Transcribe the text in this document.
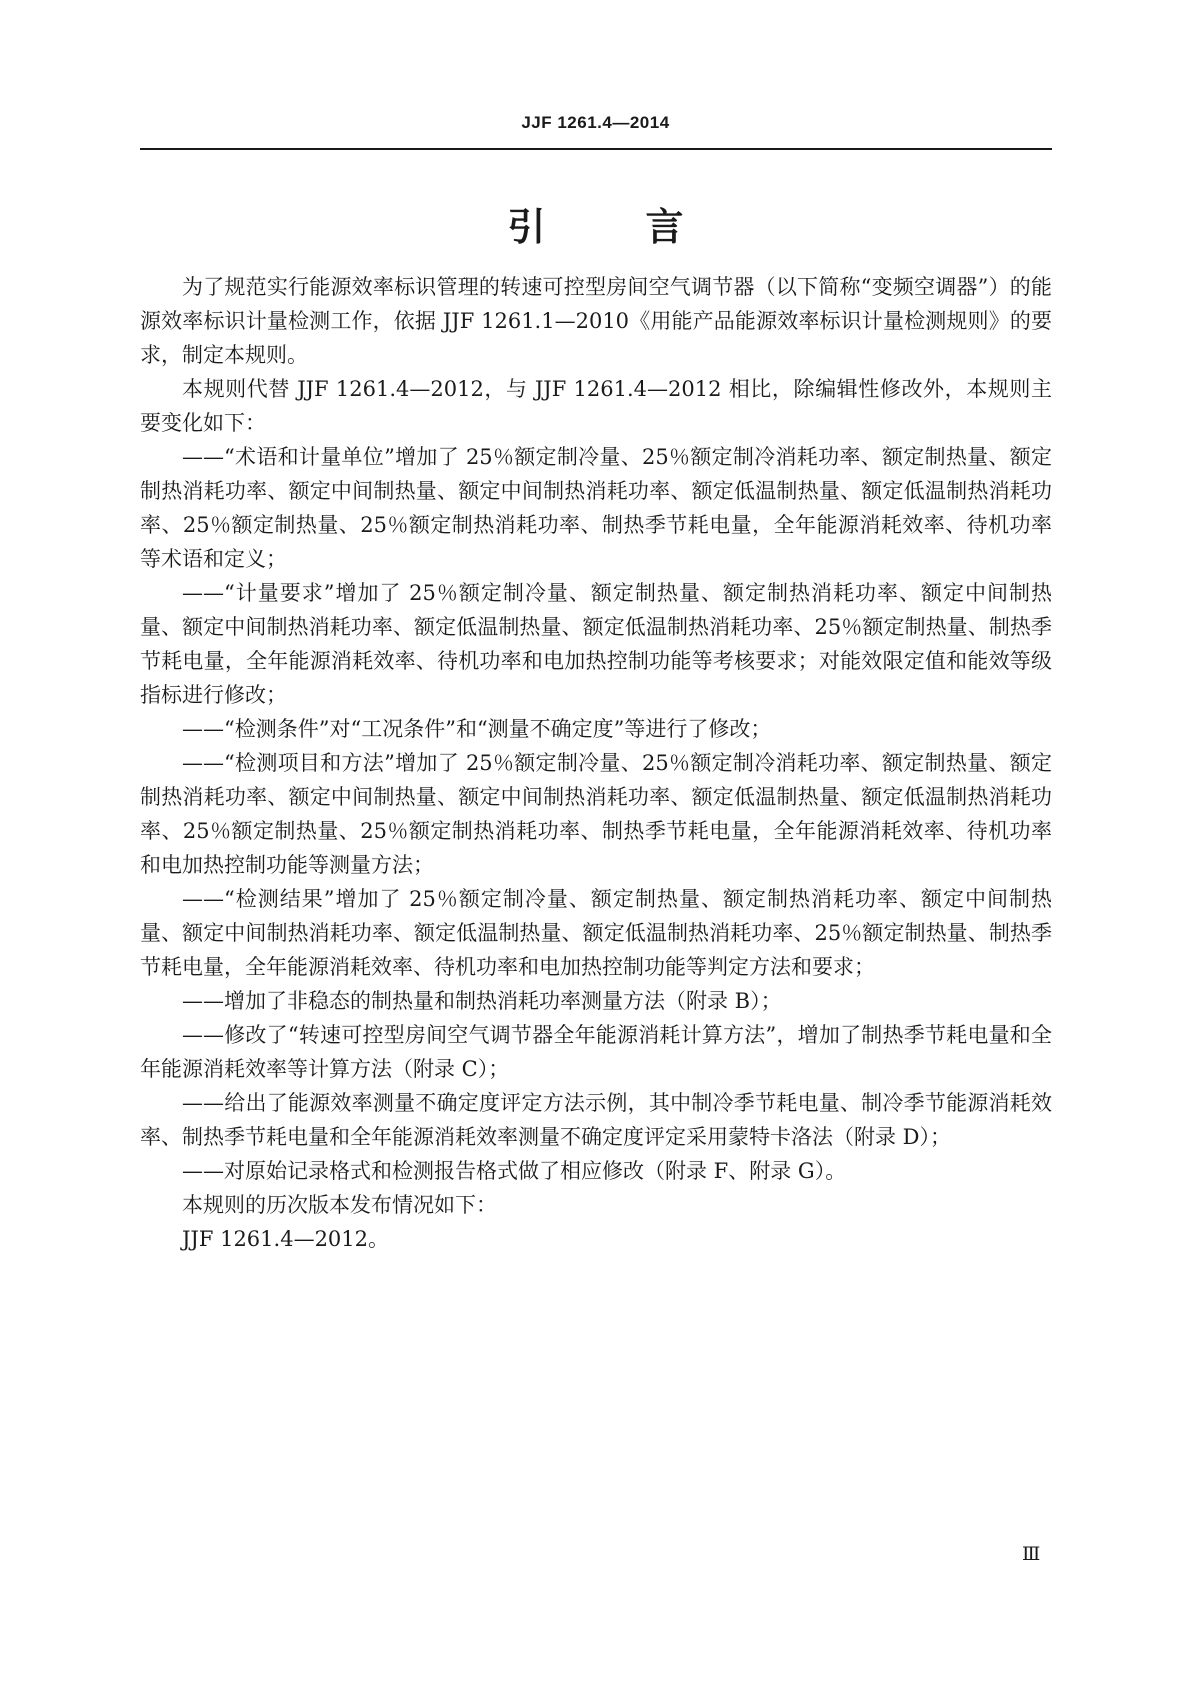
JJF 1261.4—2014
引	言

为了规范实行能源效率标识管理的转速可控型房间空气调节器（以下简称“变频空调器”）的能源效率标识计量检测工作，依据 JJF 1261.1—2010《用能产品能源效率标识计量检测规则》的要求，制定本规则。

本规则代替 JJF 1261.4—2012，与 JJF 1261.4—2012 相比，除编辑性修改外，本规则主要变化如下：

——“术语和计量单位”增加了 25％额定制冷量、25％额定制冷消耗功率、额定制热量、额定制热消耗功率、额定中间制热量、额定中间制热消耗功率、额定低温制热量、额定低温制热消耗功率、25％额定制热量、25％额定制热消耗功率、制热季节耗电量，全年能源消耗效率、待机功率等术语和定义；

——“计量要求”增加了 25％额定制冷量、额定制热量、额定制热消耗功率、额定中间制热量、额定中间制热消耗功率、额定低温制热量、额定低温制热消耗功率、25％额定制热量、制热季节耗电量，全年能源消耗效率、待机功率和电加热控制功能等考核要求；对能效限定值和能效等级指标进行修改；

——“检测条件”对“工况条件”和“测量不确定度”等进行了修改；

——“检测项目和方法”增加了 25％额定制冷量、25％额定制冷消耗功率、额定制热量、额定制热消耗功率、额定中间制热量、额定中间制热消耗功率、额定低温制热量、额定低温制热消耗功率、25％额定制热量、25％额定制热消耗功率、制热季节耗电量，全年能源消耗效率、待机功率和电加热控制功能等测量方法；

——“检测结果”增加了 25％额定制冷量、额定制热量、额定制热消耗功率、额定中间制热量、额定中间制热消耗功率、额定低温制热量、额定低温制热消耗功率、25％额定制热量、制热季节耗电量，全年能源消耗效率、待机功率和电加热控制功能等判定方法和要求；

——增加了非稳态的制热量和制热消耗功率测量方法（附录 B）；

——修改了“转速可控型房间空气调节器全年能源消耗计算方法”，增加了制热季节耗电量和全年能源消耗效率等计算方法（附录 C）；

——给出了能源效率测量不确定度评定方法示例，其中制冷季节耗电量、制冷季节能源消耗效率、制热季节耗电量和全年能源消耗效率测量不确定度评定采用蒙特卡洛法（附录 D）；

——对原始记录格式和检测报告格式做了相应修改（附录 F、附录 G）。

本规则的历次版本发布情况如下：

JJF 1261.4—2012。

Ⅲ
